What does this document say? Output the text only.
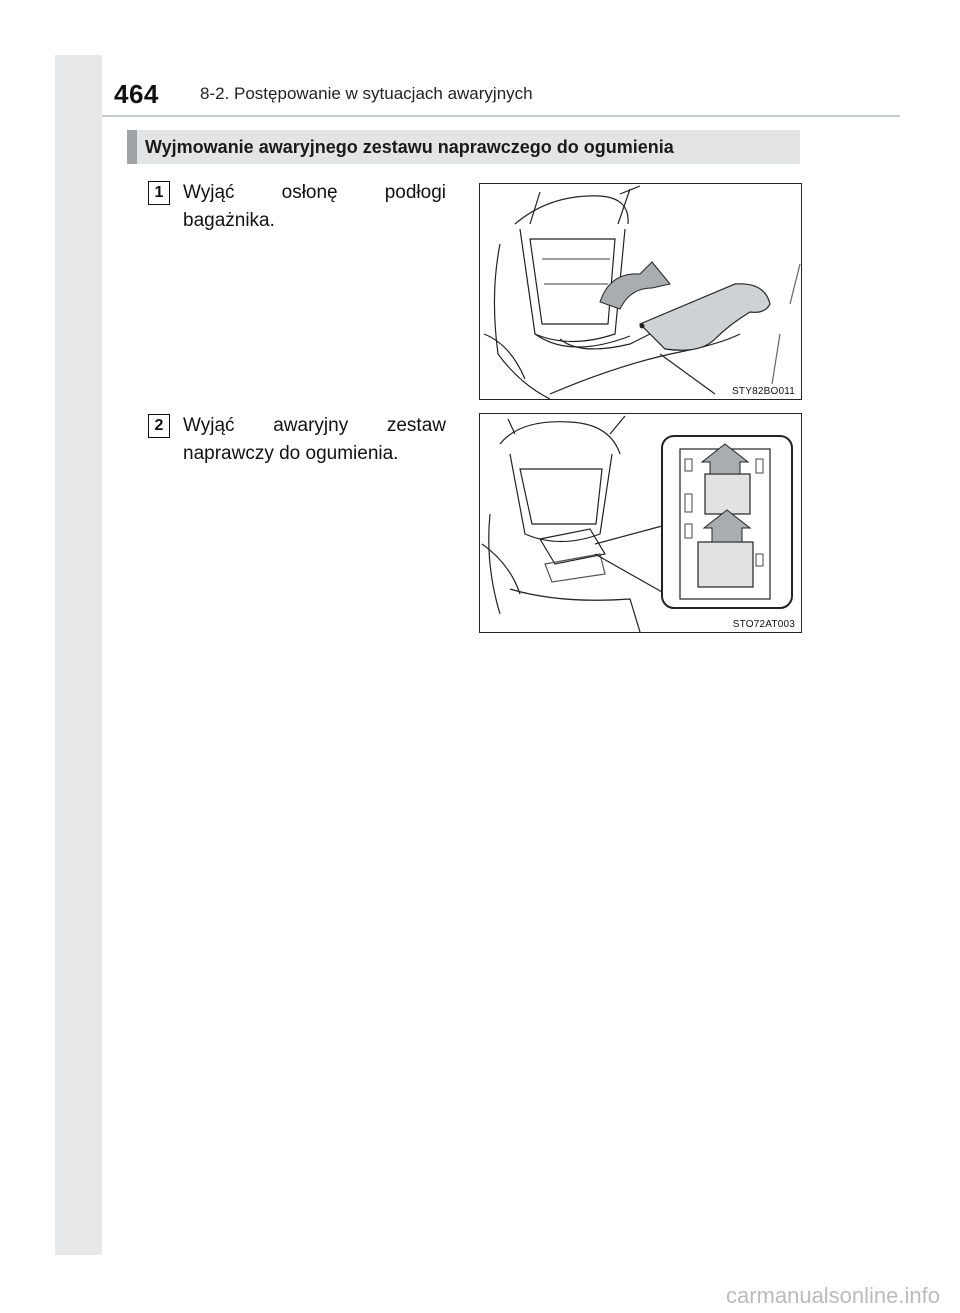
464 8-2. Postępowanie w sytuacjach awaryjnych
Wyjmowanie awaryjnego zestawu naprawczego do ogumienia
1	Wyjąć osłonę podłogi bagażnika.
STY82BO011
2	Wyjąć awaryjny zestaw naprawczy do ogumienia.
STO72AT003
carmanualsonline.info
